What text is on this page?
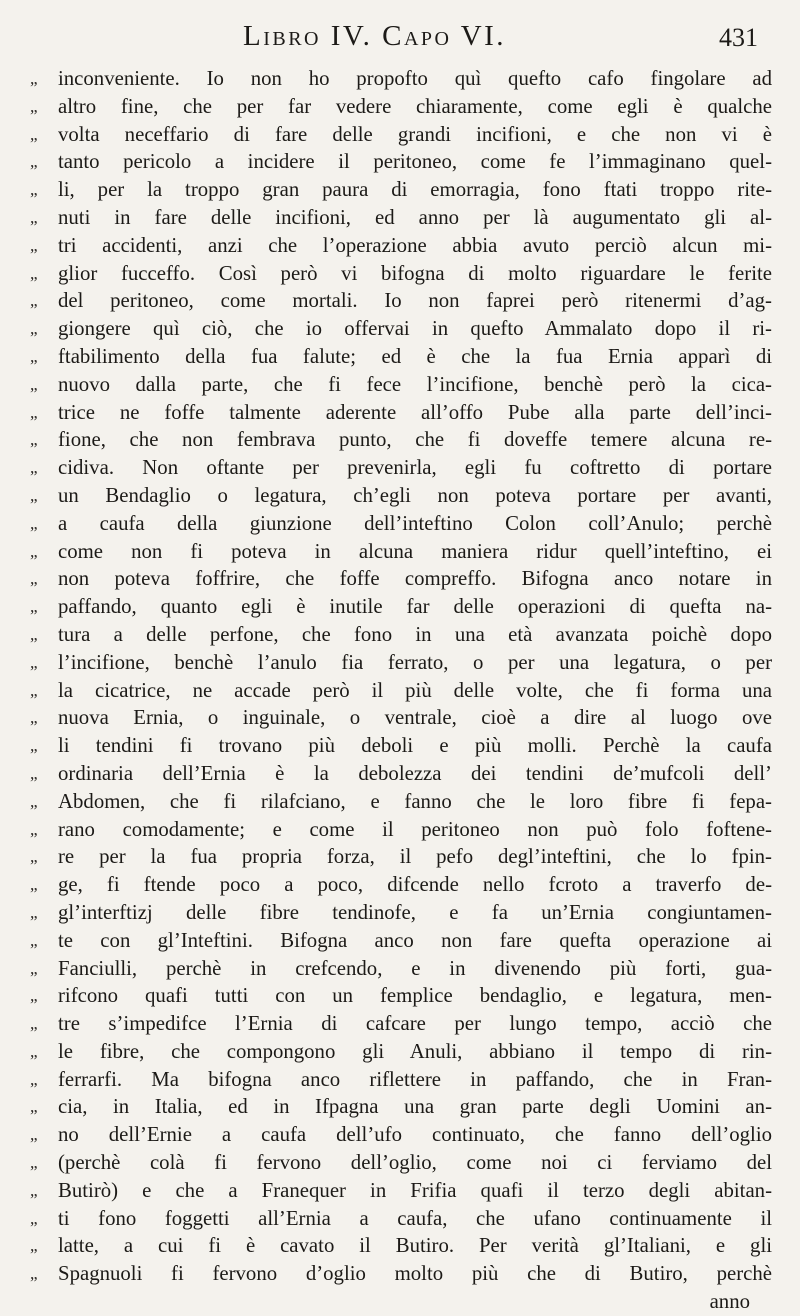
Libro IV. Capo VI.	431
„ inconveniente. Io non ho propofto quì quefto cafo fingolare ad
„ altro fine, che per far vedere chiaramente, come egli è qualche
„ volta neceffario di fare delle grandi incifioni, e che non vi è
„ tanto pericolo a incidere il peritoneo, come fe l’immaginano quel-
„ li, per la troppo gran paura di emorragia, fono ftati troppo rite-
„ nuti in fare delle incifioni, ed anno per là augumentato gli al-
„ tri accidenti, anzi che l’operazione abbia avuto perciò alcun mi-
„ glior fucceffo. Così però vi bifogna di molto riguardare le ferite
„ del peritoneo, come mortali. Io non faprei però ritenermi d’ag-
„ giongere quì ciò, che io offervai in quefto Ammalato dopo il ri-
„ ftabilimento della fua falute; ed è che la fua Ernia apparì di
„ nuovo dalla parte, che fi fece l’incifione, benchè però la cica-
„ trice ne foffe talmente aderente all’offo Pube alla parte dell’inci-
„ fione, che non fembrava punto, che fi doveffe temere alcuna re-
„ cidiva. Non oftante per prevenirla, egli fu coftretto di portare
„ un Bendaglio o legatura, ch’egli non poteva portare per avanti,
„ a caufa della giunzione dell’inteftino Colon coll’Anulo; perchè
„ come non fi poteva in alcuna maniera ridur quell’inteftino, ei
„ non poteva foffrire, che foffe compreffo. Bifogna anco notare in
„ paffando, quanto egli è inutile far delle operazioni di quefta na-
„ tura a delle perfone, che fono in una età avanzata poichè dopo
„ l’incifione, benchè l’anulo fia ferrato, o per una legatura, o per
„ la cicatrice, ne accade però il più delle volte, che fi forma una
„ nuova Ernia, o inguinale, o ventrale, cioè a dire al luogo ove
„ li tendini fi trovano più deboli e più molli. Perchè la caufa
„ ordinaria dell’Ernia è la debolezza dei tendini de’mufcoli dell’
„ Abdomen, che fi rilafciano, e fanno che le loro fibre fi fepa-
„ rano comodamente; e come il peritoneo non può folo foftene-
„ re per la fua propria forza, il pefo degl’inteftini, che lo fpin-
„ ge, fi ftende poco a poco, difcende nello fcroto a traverfo de-
„ gl’interftizj delle fibre tendinofe, e fa un’Ernia congiuntamen-
„ te con gl’Inteftini. Bifogna anco non fare quefta operazione ai
„ Fanciulli, perchè in crefcendo, e in divenendo più forti, gua-
„ rifcono quafi tutti con un femplice bendaglio, e legatura, men-
„ tre s’impedifce l’Ernia di cafcare per lungo tempo, acciò che
„ le fibre, che compongono gli Anuli, abbiano il tempo di rin-
„ ferrarfi. Ma bifogna anco riflettere in paffando, che in Fran-
„ cia, in Italia, ed in Ifpagna una gran parte degli Uomini an-
„ no dell’Ernie a caufa dell’ufo continuato, che fanno dell’oglio
„ (perchè colà fi fervono dell’oglio, come noi ci ferviamo del
„ Butirò) e che a Franequer in Frifia quafi il terzo degli abitan-
„ ti fono foggetti all’Ernia a caufa, che ufano continuamente il
„ latte, a cui fi è cavato il Butiro. Per verità gl’Italiani, e gli
„ Spagnuoli fi fervono d’oglio molto più che di Butiro, perchè
anno
